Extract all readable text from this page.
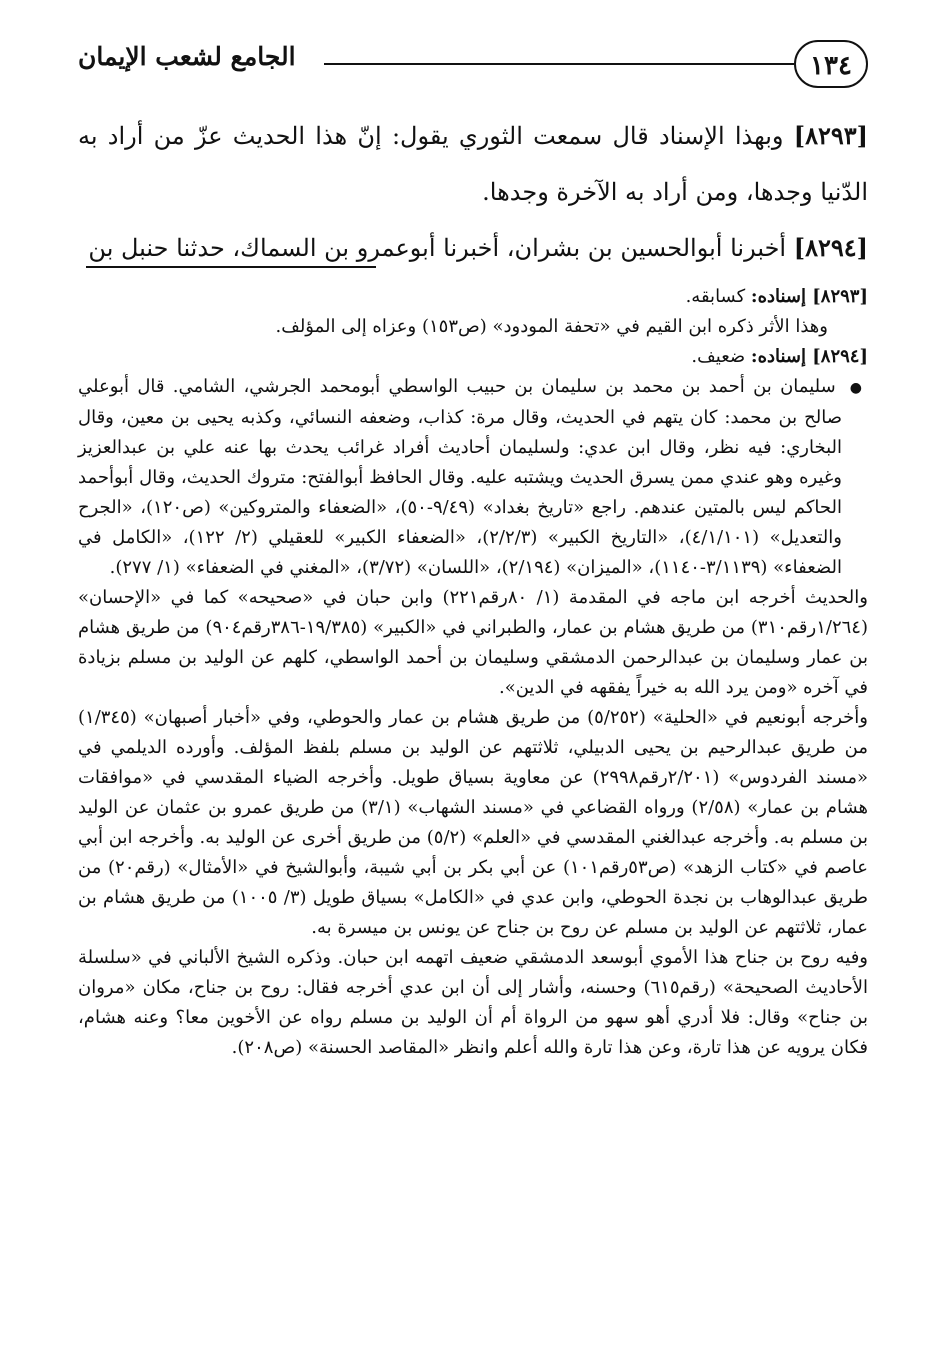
١٣٤
الجامع لشعب الإيمان

[٨٢٩٣] وبهذا الإسناد قال سمعت الثوري يقول: إنّ هذا الحديث عزّ من أراد به الدّنيا وجدها، ومن أراد به الآخرة وجدها.

[٨٢٩٤] أخبرنا أبوالحسين بن بشران، أخبرنا أبوعمرو بن السماك، حدثنا حنبل بن

[٨٢٩٣] إسناده: كسابقه.

وهذا الأثر ذكره ابن القيم في «تحفة المودود» (ص١٥٣) وعزاه إلى المؤلف.

[٨٢٩٤] إسناده: ضعيف.

● سليمان بن أحمد بن محمد بن سليمان بن حبيب الواسطي أبومحمد الجرشي، الشامي. قال أبوعلي صالح بن محمد: كان يتهم في الحديث، وقال مرة: كذاب، وضعفه النسائي، وكذبه يحيى بن معين، وقال البخاري: فيه نظر، وقال ابن عدي: ولسليمان أحاديث أفراد غرائب يحدث بها عنه علي بن عبدالعزيز وغيره وهو عندي ممن يسرق الحديث ويشتبه عليه. وقال الحافظ أبوالفتح: متروك الحديث، وقال أبوأحمد الحاكم ليس بالمتين عندهم. راجع «تاريخ بغداد» (٩/٤٩-٥٠)، «الضعفاء والمتروكين» (ص١٢٠)، «الجرح والتعديل» (٤/١/١٠١)، «التاريخ الكبير» (٢/٢/٣)، «الضعفاء الكبير» للعقيلي (٢/ ١٢٢)، «الكامل في الضعفاء» (٣/١١٣٩-١١٤٠)، «الميزان» (٢/١٩٤)، «اللسان» (٣/٧٢)، «المغني في الضعفاء» (١/ ٢٧٧).

والحديث أخرجه ابن ماجه في المقدمة (١/ ٨٠رقم٢٢١) وابن حبان في «صحيحه» كما في «الإحسان» (١/٢٦٤رقم٣١٠) من طريق هشام بن عمار، والطبراني في «الكبير» (١٩/٣٨٥-٣٨٦رقم٩٠٤) من طريق هشام بن عمار وسليمان بن عبدالرحمن الدمشقي وسليمان بن أحمد الواسطي، كلهم عن الوليد بن مسلم بزيادة في آخره «ومن يرد الله به خيراً يفقهه في الدين».

وأخرجه أبونعيم في «الحلية» (٥/٢٥٢) من طريق هشام بن عمار والحوطي، وفي «أخبار أصبهان» (١/٣٤٥) من طريق عبدالرحيم بن يحيى الدبيلي، ثلاثتهم عن الوليد بن مسلم بلفظ المؤلف. وأورده الديلمي في «مسند الفردوس» (٢/٢٠١رقم٢٩٩٨) عن معاوية بسياق طويل. وأخرجه الضياء المقدسي في «موافقات هشام بن عمار» (٢/٥٨) ورواه القضاعي في «مسند الشهاب» (٣/١) من طريق عمرو بن عثمان عن الوليد بن مسلم به. وأخرجه عبدالغني المقدسي في «العلم» (٥/٢) من طريق أخرى عن الوليد به. وأخرجه ابن أبي عاصم في «كتاب الزهد» (ص٥٣رقم١٠١) عن أبي بكر بن أبي شيبة، وأبوالشيخ في «الأمثال» (رقم٢٠) من طريق عبدالوهاب بن نجدة الحوطي، وابن عدي في «الكامل» بسياق طويل (٣/ ١٠٠٥) من طريق هشام بن عمار، ثلاثتهم عن الوليد بن مسلم عن روح بن جناح عن يونس بن ميسرة به.

وفيه روح بن جناح هذا الأموي أبوسعد الدمشقي ضعيف اتهمه ابن حبان. وذكره الشيخ الألباني في «سلسلة الأحاديث الصحيحة» (رقم٦١٥) وحسنه، وأشار إلى أن ابن عدي أخرجه فقال: روح بن جناح، مكان «مروان بن جناح» وقال: فلا أدري أهو سهو من الرواة أم أن الوليد بن مسلم رواه عن الأخوين معا؟ وعنه هشام، فكان يرويه عن هذا تارة، وعن هذا تارة والله أعلم وانظر «المقاصد الحسنة» (ص٢٠٨).
